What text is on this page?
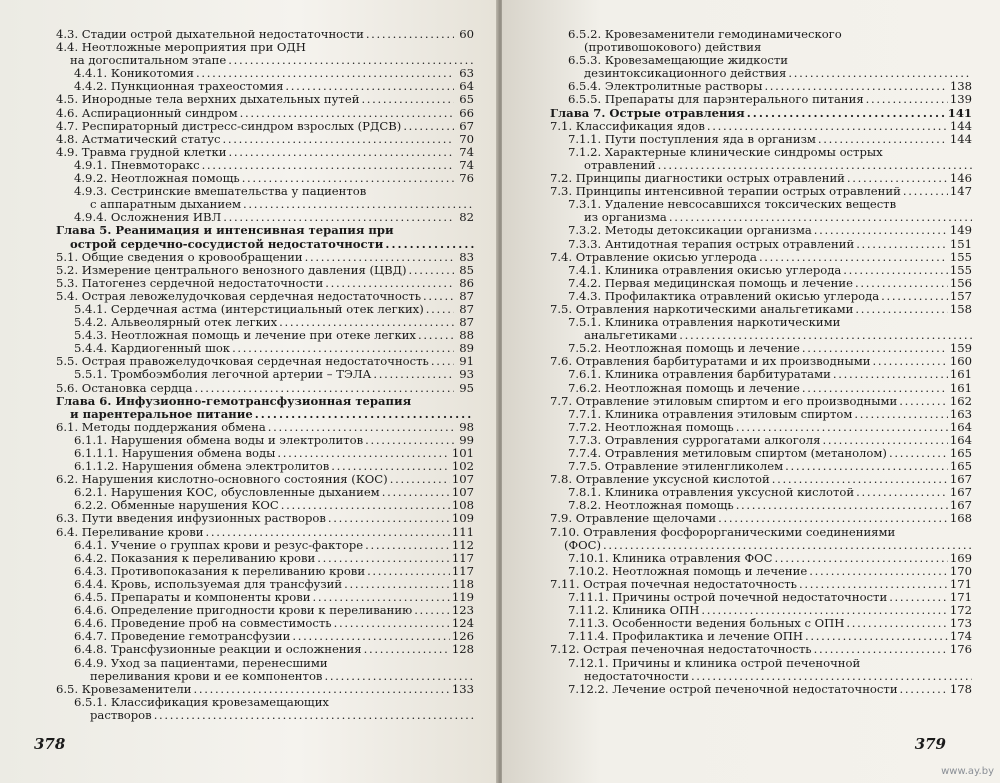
4.3. Стадии острой дыхательной недостаточности . . .	60
4.4. Неотложные мероприятия при ОДН
на догоспитальном этапе . . .
4.4.1. Коникотомия . . .	63
4.4.2. Пункционная трахеостомия . . .	64
4.5. Инородные тела верхних дыхательных путей . . .	65
4.6. Аспирационный синдром . . .	66
4.7. Респираторный дистресс-синдром взрослых (РДСВ) . . .	67
4.8. Астматический статус . . .	70
4.9. Травма грудной клетки . . .	74
4.9.1. Пневмоторакс . . .	74
4.9.2. Неотложная помощь . . .	76
4.9.3. Сестринские вмешательства у пациентов
с аппаратным дыханием . . .
4.9.4. Осложнения ИВЛ . . .	82
Глава 5. Реанимация и интенсивная терапия при
острой сердечно-сосудистой недостаточности . . .
5.1. Общие сведения о кровообращении . . .	83
5.2. Измерение центрального венозного давления (ЦВД) . . .	85
5.3. Патогенез сердечной недостаточности . . .	86
5.4. Острая левожелудочковая сердечная недостаточность . . .	87
5.4.1. Сердечная астма (интерстициальный отек легких) . . .	87
5.4.2. Альвеолярный отек легких . . .	87
5.4.3. Неотложная помощь и лечение при отеке легких . . .	88
5.4.4. Кардиогенный шок . . .	89
5.5. Острая правожелудочковая сердечная недостаточность . . .	91
5.5.1. Тромбоэмболия легочной артерии – ТЭЛА . . .	93
5.6. Остановка сердца . . .	95
Глава 6. Инфузионно-гемотрансфузионная терапия
и парентеральное питание . . .
6.1. Методы поддержания обмена . . .	98
6.1.1. Нарушения обмена воды и электролитов . . .	99
6.1.1.1. Нарушения обмена воды . . .	101
6.1.1.2. Нарушения обмена электролитов . . .	102
6.2. Нарушения кислотно-основного состояния (КОС) . . .	107
6.2.1. Нарушения КОС, обусловленные дыханием . . .	107
6.2.2. Обменные нарушения КОС . . .	108
6.3. Пути введения инфузионных растворов . . .	109
6.4. Переливание крови . . .	111
6.4.1. Учение о группах крови и резус-факторе . . .	112
6.4.2. Показания к переливанию крови . . .	117
6.4.3. Противопоказания к переливанию крови . . .	117
6.4.4. Кровь, используемая для трансфузий . . .	118
6.4.5. Препараты и компоненты крови . . .	119
6.4.6. Определение пригодности крови к переливанию . . .	123
6.4.6. Проведение проб на совместимость . . .	124
6.4.7. Проведение гемотрансфузии . . .	126
6.4.8. Трансфузионные реакции и осложнения . . .	128
6.4.9. Уход за пациентами, перенесшими
переливания крови и ее компонентов . . .
6.5. Кровезаменители . . .	133
6.5.1. Классификация кровезамещающих
растворов . . .
378
6.5.2. Кровезаменители гемодинамического
(противошокового) действия
6.5.3. Кровезамещающие жидкости
дезинтоксикационного действия . . .
6.5.4. Электролитные растворы . . .	138
6.5.5. Препараты для парэнтерального питания . . .	139
Глава 7. Острые отравления . . .	141
7.1. Классификация ядов . . .	144
7.1.1. Пути поступления яда в организм . . .	144
7.1.2. Характерные клинические синдромы острых
отравлений . . .
7.2. Принципы диагностики острых отравлений . . .	146
7.3. Принципы интенсивной терапии острых отравлений . . .	147
7.3.1. Удаление невсосавшихся токсических веществ
из организма . . .
7.3.2. Методы детоксикации организма . . .	149
7.3.3. Антидотная терапия острых отравлений . . .	151
7.4. Отравление окисью углерода . . .	155
7.4.1. Клиника отравления окисью углерода . . .	155
7.4.2. Первая медицинская помощь и лечение . . .	156
7.4.3. Профилактика отравлений окисью углерода . . .	157
7.5. Отравления наркотическими анальгетиками . . .	158
7.5.1. Клиника отравления наркотическими
анальгетиками . . .
7.5.2. Неотложная помощь и лечение . . .	159
7.6. Отравления барбитуратами и их производными . . .	160
7.6.1. Клиника отравления барбитуратами . . .	161
7.6.2. Неотложная помощь и лечение . . .	161
7.7. Отравление этиловым спиртом и его производными . . .	162
7.7.1. Клиника отравления этиловым спиртом . . .	163
7.7.2. Неотложная помощь . . .	164
7.7.3. Отравления суррогатами алкоголя . . .	164
7.7.4. Отравления метиловым спиртом (метанолом) . . .	165
7.7.5. Отравление этиленгликолем . . .	165
7.8. Отравление уксусной кислотой . . .	167
7.8.1. Клиника отравления уксусной кислотой . . .	167
7.8.2. Неотложная помощь . . .	167
7.9. Отравление щелочами . . .	168
7.10. Отравления фосфорорганическими соединениями
(ФОС) . . .
7.10.1. Клиника отравления ФОС . . .	169
7.10.2. Неотложная помощь и лечение . . .	170
7.11. Острая почечная недостаточность . . .	171
7.11.1. Причины острой почечной недостаточности . . .	171
7.11.2. Клиника ОПН . . .	172
7.11.3. Особенности ведения больных с ОПН . . .	173
7.11.4. Профилактика и лечение ОПН . . .	174
7.12. Острая печеночная недостаточность . . .	176
7.12.1. Причины и клиника острой печеночной
недостаточности . . .
7.12.2. Лечение острой печеночной недостаточности . . .	178
379
www.ay.by
